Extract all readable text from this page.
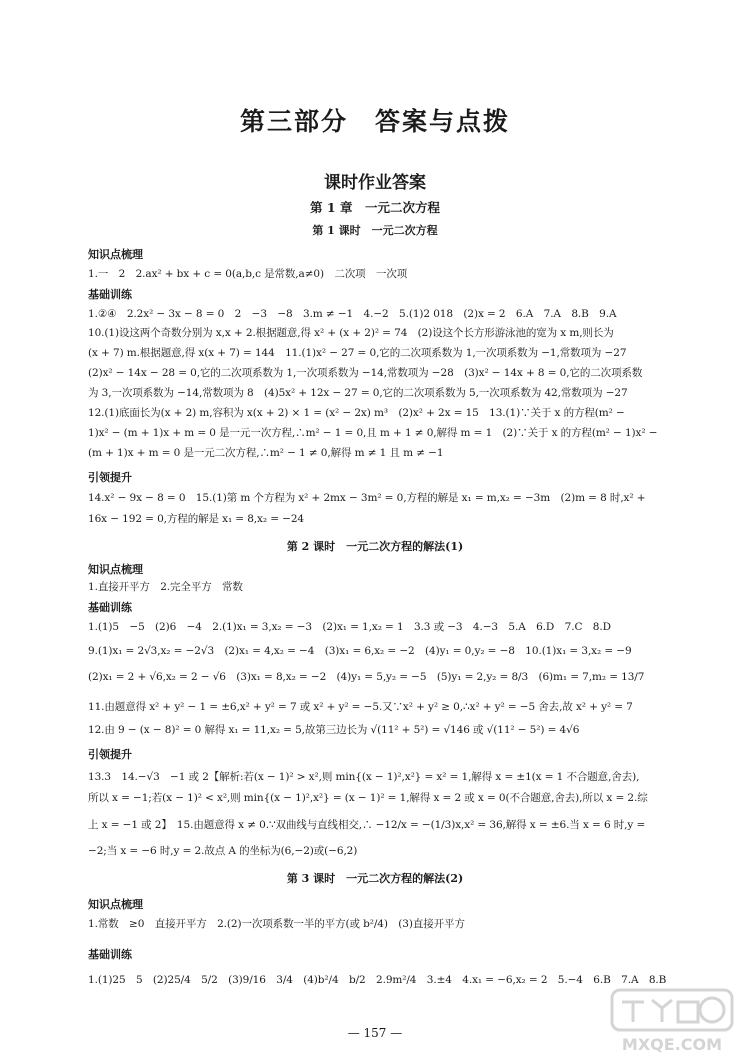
第三部分　答案与点拨
课时作业答案
第 1 章　一元二次方程
第 1 课时　一元二次方程
知识点梳理
1.一　2　2.ax² + bx + c = 0(a,b,c 是常数,a≠0)　二次项　一次项
基础训练
1.②④　2.2x² − 3x − 8 = 0　2　−3　−8　3.m ≠ −1　4.−2　5.(1)2 018　(2)x = 2　6.A　7.A　8.B　9.A
10.(1)设这两个奇数分别为 x,x + 2.根据题意,得 x² + (x + 2)² = 74　(2)设这个长方形游泳池的宽为 x m,则长为
(x + 7) m.根据题意,得 x(x + 7) = 144　11.(1)x² − 27 = 0,它的二次项系数为 1,一次项系数为 −1,常数项为 −27
(2)x² − 14x − 28 = 0,它的二次项系数为 1,一次项系数为 −14,常数项为 −28　(3)x² − 14x + 8 = 0,它的二次项系数
为 3,一次项系数为 −14,常数项为 8　(4)5x² + 12x − 27 = 0,它的二次项系数为 5,一次项系数为 42,常数项为 −27
12.(1)底面长为(x + 2) m,容积为 x(x + 2) × 1 = (x² − 2x) m³　(2)x² + 2x = 15　13.(1)∵关于 x 的方程(m² −
1)x² − (m + 1)x + m = 0 是一元一次方程,∴m² − 1 = 0,且 m + 1 ≠ 0,解得 m = 1　(2)∵关于 x 的方程(m² − 1)x² −
(m + 1)x + m = 0 是一元二次方程,∴m² − 1 ≠ 0,解得 m ≠ 1 且 m ≠ −1
引领提升
14.x² − 9x − 8 = 0　15.(1)第 m 个方程为 x² + 2mx − 3m² = 0,方程的解是 x₁ = m,x₂ = −3m　(2)m = 8 时,x² +
16x − 192 = 0,方程的解是 x₁ = 8,x₂ = −24
第 2 课时　一元二次方程的解法(1)
知识点梳理
1.直接开平方　2.完全平方　常数
基础训练
1.(1)5　−5　(2)6　−4　2.(1)x₁ = 3,x₂ = −3　(2)x₁ = 1,x₂ = 1　3.3 或 −3　4.−3　5.A　6.D　7.C　8.D
9.(1)x₁ = 2√3,x₂ = −2√3　(2)x₁ = 4,x₂ = −4　(3)x₁ = 6,x₂ = −2　(4)y₁ = 0,y₂ = −8　10.(1)x₁ = 3,x₂ = −9
(2)x₁ = 2 + √6,x₂ = 2 − √6　(3)x₁ = 8,x₂ = −2　(4)y₁ = 5,y₂ = −5　(5)y₁ = 2,y₂ = 8/3　(6)m₁ = 7,m₂ = 13/7
11.由题意得 x² + y² − 1 = ±6,x² + y² = 7 或 x² + y² = −5.又∵x² + y² ≥ 0,∴x² + y² = −5 舍去,故 x² + y² = 7
12.由 9 − (x − 8)² = 0 解得 x₁ = 11,x₂ = 5,故第三边长为 √(11² + 5²) = √146 或 √(11² − 5²) = 4√6
引领提升
13.3　14.−√3　−1 或 2【解析:若(x − 1)² > x²,则 min{(x − 1)²,x²} = x² = 1,解得 x = ±1(x = 1 不合题意,舍去),
所以 x = −1;若(x − 1)² < x²,则 min{(x − 1)²,x²} = (x − 1)² = 1,解得 x = 2 或 x = 0(不合题意,舍去),所以 x = 2.综
上 x = −1 或 2】　15.由题意得 x ≠ 0.∵双曲线与直线相交,∴ −12/x = −(1/3)x,x² = 36,解得 x = ±6.当 x = 6 时,y =
−2;当 x = −6 时,y = 2.故点 A 的坐标为(6,−2)或(−6,2)
第 3 课时　一元二次方程的解法(2)
知识点梳理
1.常数　≥0　直接开平方　2.(2)一次项系数一半的平方(或 b²/4)　(3)直接开平方
基础训练
1.(1)25　5　(2)25/4　5/2　(3)9/16　3/4　(4)b²/4　b/2　2.9m²/4　3.±4　4.x₁ = −6,x₂ = 2　5.−4　6.B　7.A　8.B
— 157 —
MXQE.COM
